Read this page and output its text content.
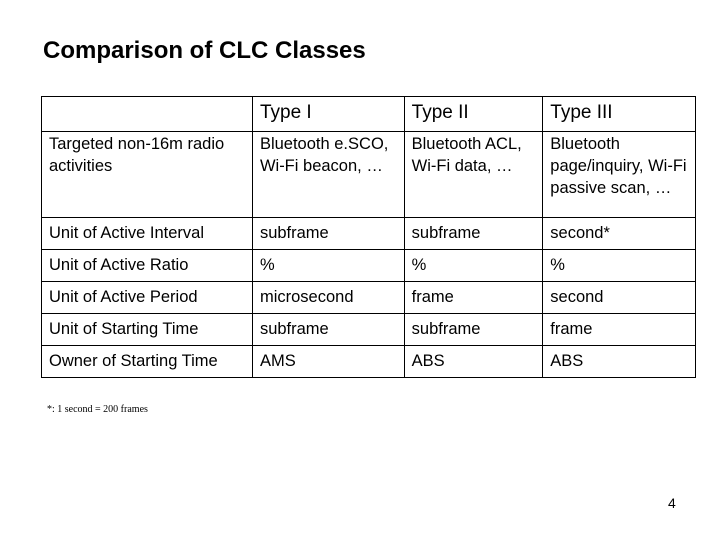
Comparison of CLC Classes
	Type I	Type II	Type III
Targeted non-16m radio activities	Bluetooth e.SCO, Wi-Fi beacon, …	Bluetooth ACL, Wi-Fi data, …	Bluetooth page/inquiry, Wi-Fi passive scan, …
Unit of Active Interval	subframe	subframe	second*
Unit of Active Ratio	%	%	%
Unit of Active Period	microsecond	frame	second
Unit of Starting Time	subframe	subframe	frame
Owner of Starting Time	AMS	ABS	ABS
*: 1 second = 200 frames
4
